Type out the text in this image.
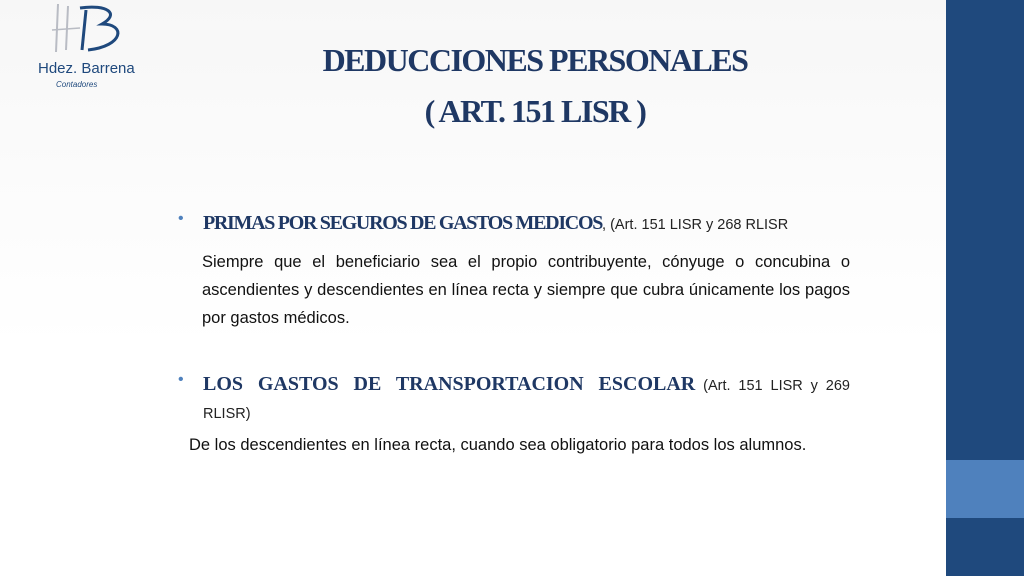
Hdez. Barrena
Contadores
DEDUCCIONES PERSONALES
( ART. 151 LISR )
• PRIMAS POR SEGUROS DE GASTOS MEDICOS, (Art. 151 LISR y 268 RLISR

Siempre que el beneficiario sea el propio contribuyente, cónyuge o concubina o ascendientes y descendientes en línea recta y siempre que cubra únicamente los pagos por gastos médicos.

• LOS GASTOS DE TRANSPORTACION ESCOLAR (Art. 151 LISR y 269 RLISR)

De los descendientes en línea recta, cuando sea obligatorio para todos los alumnos.
